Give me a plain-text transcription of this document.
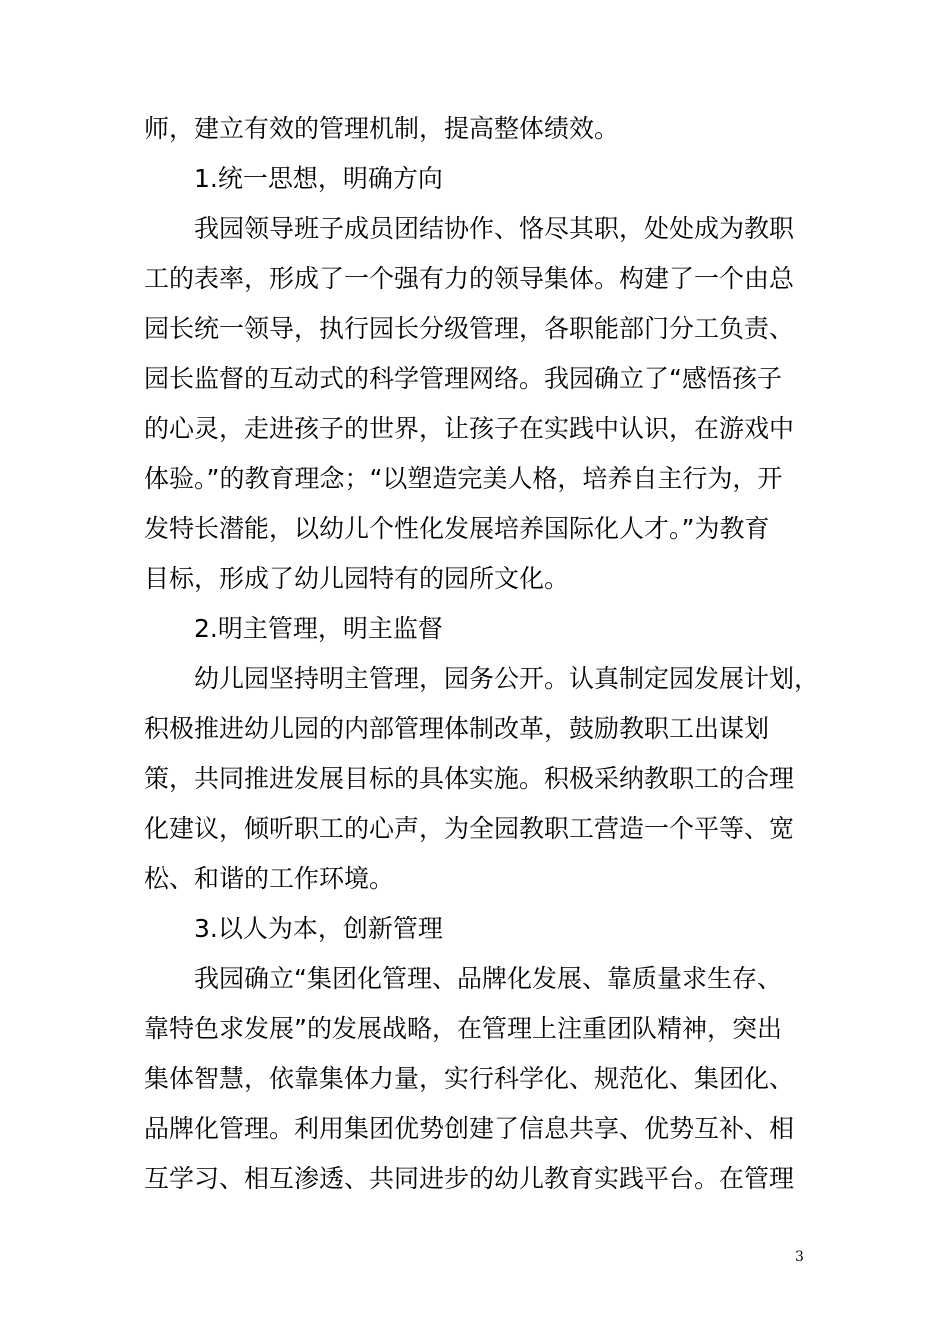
师，建立有效的管理机制，提高整体绩效。
1.统一思想，明确方向
我园领导班子成员团结协作、恪尽其职，处处成为教职
工的表率，形成了一个强有力的领导集体。构建了一个由总
园长统一领导，执行园长分级管理，各职能部门分工负责、
园长监督的互动式的科学管理网络。我园确立了“感悟孩子
的心灵，走进孩子的世界，让孩子在实践中认识，在游戏中
体验。”的教育理念；“以塑造完美人格，培养自主行为，开
发特长潜能，以幼儿个性化发展培养国际化人才。”为教育
目标，形成了幼儿园特有的园所文化。
2.明主管理，明主监督
幼儿园坚持明主管理，园务公开。认真制定园发展计划，
积极推进幼儿园的内部管理体制改革，鼓励教职工出谋划
策，共同推进发展目标的具体实施。积极采纳教职工的合理
化建议，倾听职工的心声，为全园教职工营造一个平等、宽
松、和谐的工作环境。
3.以人为本，创新管理
我园确立“集团化管理、品牌化发展、靠质量求生存、
靠特色求发展”的发展战略，在管理上注重团队精神，突出
集体智慧，依靠集体力量，实行科学化、规范化、集团化、
品牌化管理。利用集团优势创建了信息共享、优势互补、相
互学习、相互渗透、共同进步的幼儿教育实践平台。在管理
3
